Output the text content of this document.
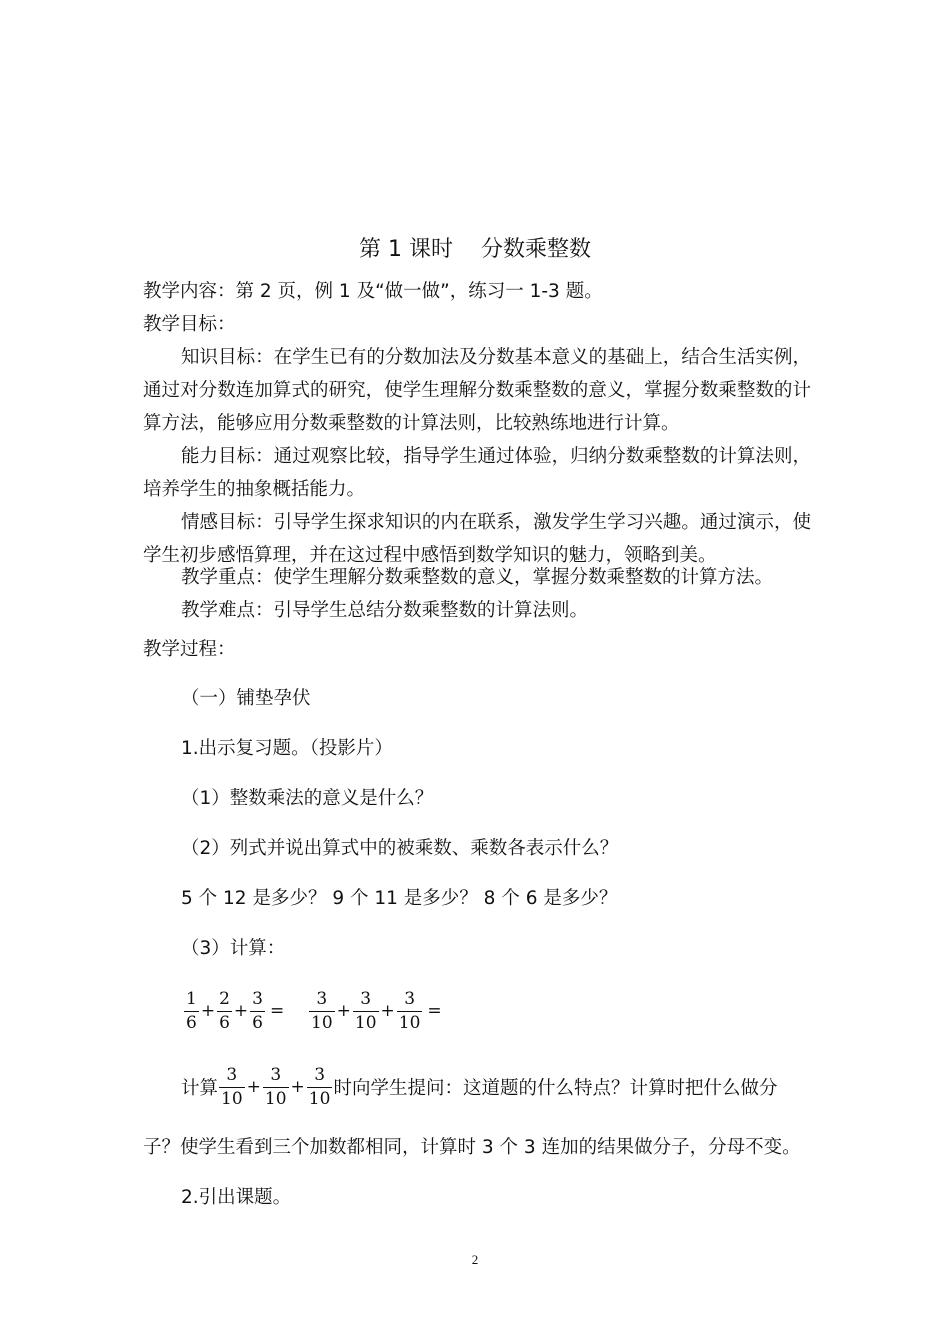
第 1 课时    分数乘整数
教学内容：第 2 页，例 1 及“做一做”，练习一 1-3 题。
教学目标：
知识目标：在学生已有的分数加法及分数基本意义的基础上，结合生活实例，通过对分数连加算式的研究，使学生理解分数乘整数的意义，掌握分数乘整数的计算方法，能够应用分数乘整数的计算法则，比较熟练地进行计算。
能力目标：通过观察比较，指导学生通过体验，归纳分数乘整数的计算法则，培养学生的抽象概括能力。
情感目标：引导学生探求知识的内在联系，激发学生学习兴趣。通过演示，使学生初步感悟算理，并在这过程中感悟到数学知识的魅力，领略到美。
教学重点：使学生理解分数乘整数的意义，掌握分数乘整数的计算方法。
教学难点：引导学生总结分数乘整数的计算法则。
教学过程：
（一）铺垫孕伏
1.出示复习题。（投影片）
（1）整数乘法的意义是什么？
（2）列式并说出算式中的被乘数、乘数各表示什么？
5 个 12 是多少？ 9 个 11 是多少？ 8 个 6 是多少？
（3）计算：
$\frac{1}{6} + \frac{2}{6} + \frac{3}{6} = \frac{3}{10} + \frac{3}{10} + \frac{3}{10}$ =
计算 $\frac{3}{10} + \frac{3}{10} + \frac{3}{10}$ 时向学生提问：这道题的什么特点？计算时把什么做分
子？使学生看到三个加数都相同，计算时 3 个 3 连加的结果做分子，分母不变。
2.引出课题。
2
